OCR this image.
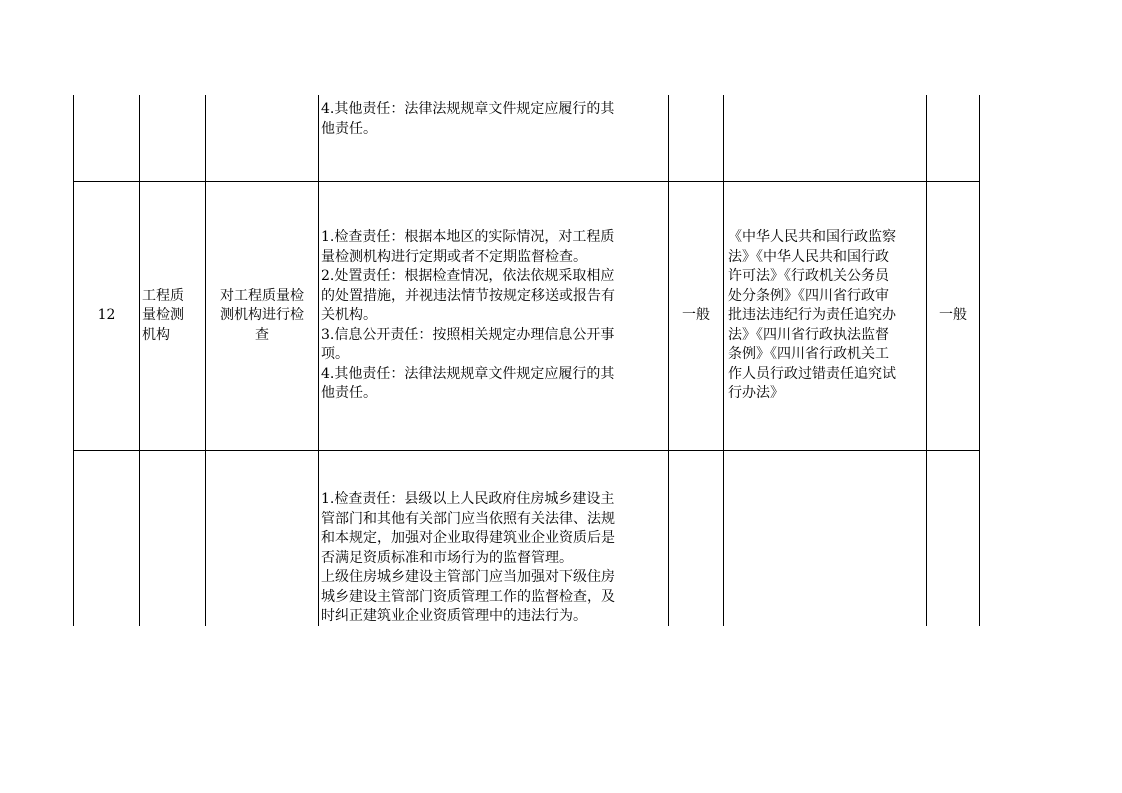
4.其他责任：法律法规规章文件规定应履行的其
他责任。
12
工程质
量检测
机构
对工程质量检
测机构进行检
查
1.检查责任：根据本地区的实际情况，对工程质
量检测机构进行定期或者不定期监督检查。
2.处置责任：根据检查情况，依法依规采取相应
的处置措施，并视违法情节按规定移送或报告有
关机构。
3.信息公开责任：按照相关规定办理信息公开事
项。
4.其他责任：法律法规规章文件规定应履行的其
他责任。
一般
《中华人民共和国行政监察
法》《中华人民共和国行政
许可法》《行政机关公务员
处分条例》《四川省行政审
批违法违纪行为责任追究办
法》《四川省行政执法监督
条例》《四川省行政机关工
作人员行政过错责任追究试
行办法》
一般
1.检查责任：县级以上人民政府住房城乡建设主
管部门和其他有关部门应当依照有关法律、法规
和本规定，加强对企业取得建筑业企业资质后是
否满足资质标准和市场行为的监督管理。
上级住房城乡建设主管部门应当加强对下级住房
城乡建设主管部门资质管理工作的监督检查，及
时纠正建筑业企业资质管理中的违法行为。
